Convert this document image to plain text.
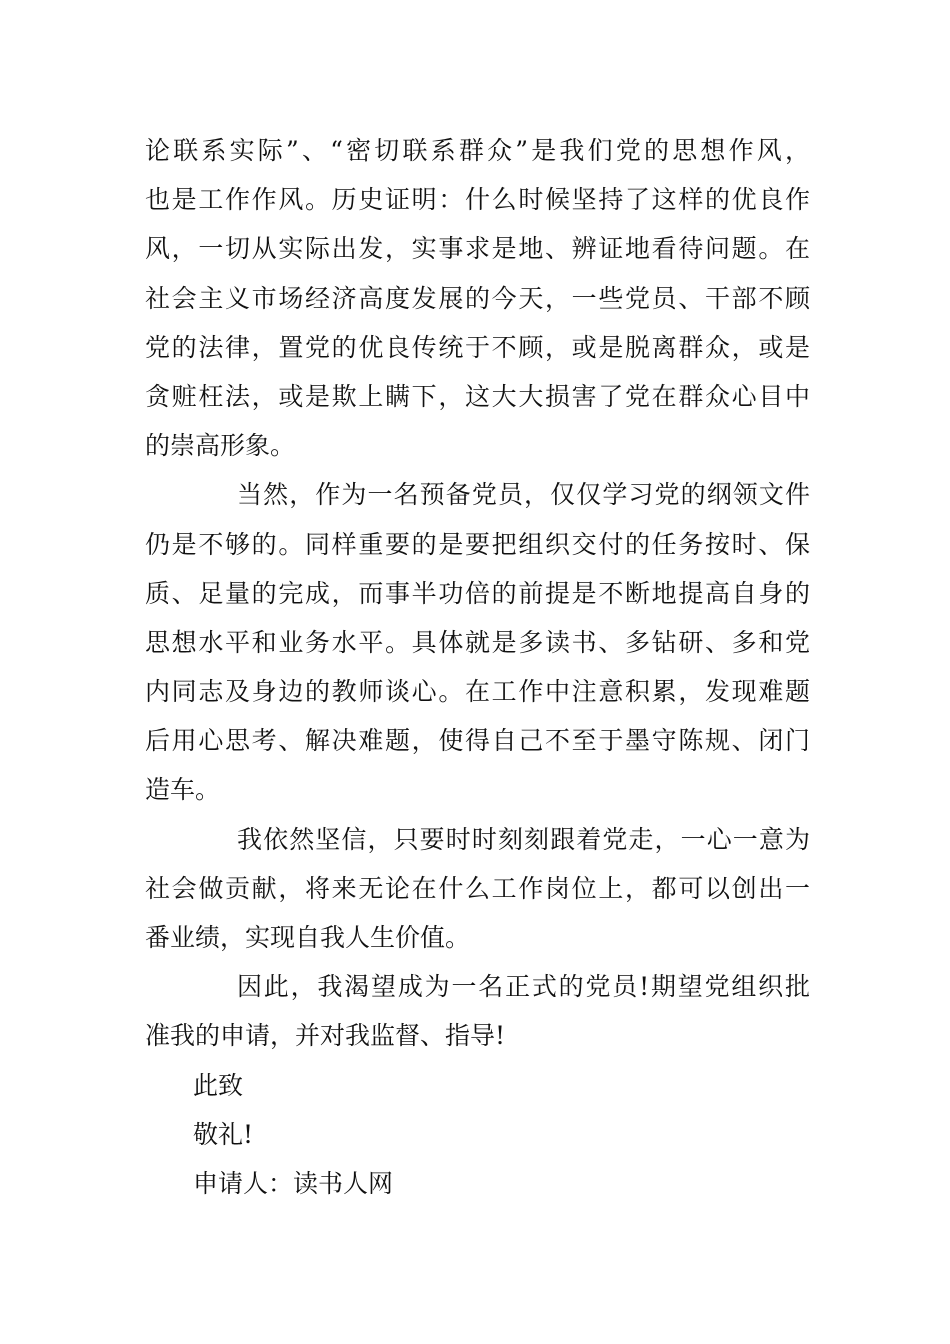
论联系实际”、“密切联系群众”是我们党的思想作风，
也是工作作风。历史证明：什么时候坚持了这样的优良作
风，一切从实际出发，实事求是地、辨证地看待问题。在
社会主义市场经济高度发展的今天，一些党员、干部不顾
党的法律，置党的优良传统于不顾，或是脱离群众，或是
贪赃枉法，或是欺上瞒下，这大大损害了党在群众心目中
的崇高形象。
当然，作为一名预备党员，仅仅学习党的纲领文件
仍是不够的。同样重要的是要把组织交付的任务按时、保
质、足量的完成，而事半功倍的前提是不断地提高自身的
思想水平和业务水平。具体就是多读书、多钻研、多和党
内同志及身边的教师谈心。在工作中注意积累，发现难题
后用心思考、解决难题，使得自己不至于墨守陈规、闭门
造车。
我依然坚信，只要时时刻刻跟着党走，一心一意为
社会做贡献，将来无论在什么工作岗位上，都可以创出一
番业绩，实现自我人生价值。
因此，我渴望成为一名正式的党员!期望党组织批
准我的申请，并对我监督、指导!
此致
敬礼!
申请人：读书人网
